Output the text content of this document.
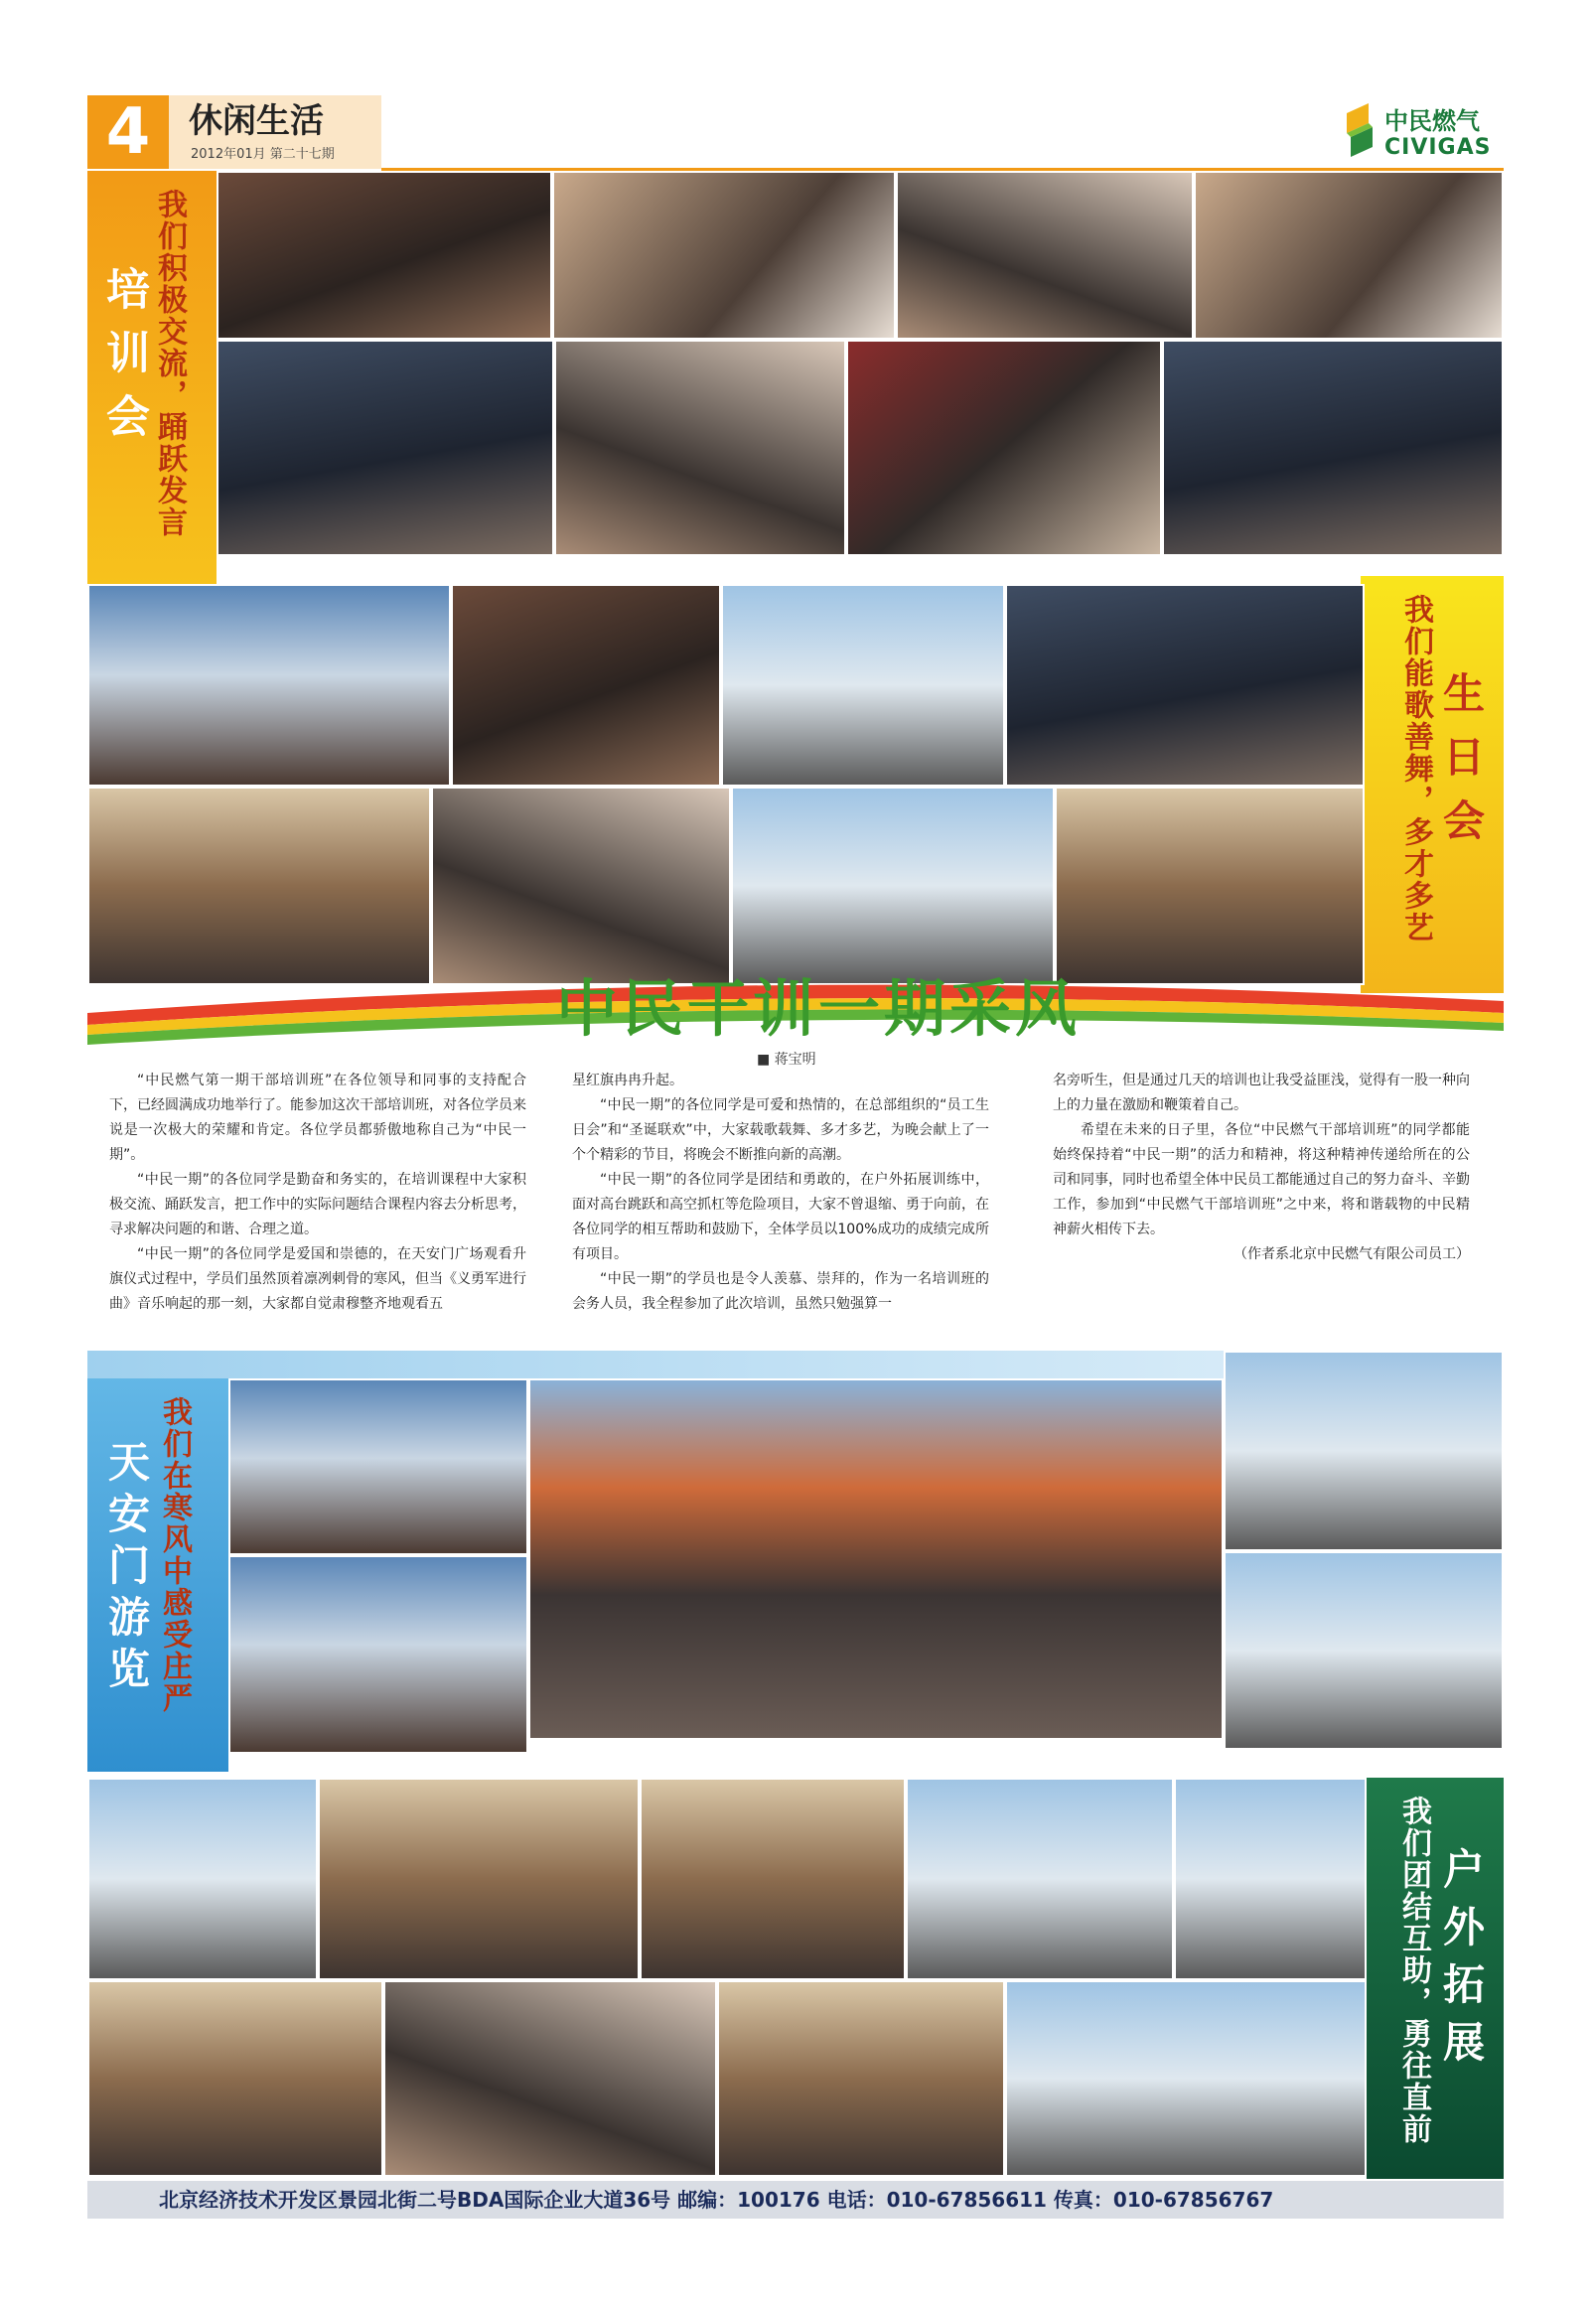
4	休闲生活
2012年01月 第二十七期
中民燃气
CIVIGAS
我们积极交流，踊跃发言
培训会
我们能歌善舞，多才多艺 生日会
中民干训一期采风
■ 蒋宝明

“中民燃气第一期干部培训班”在各位领导和同事的支持配合下，已经圆满成功地举行了。能参加这次干部培训班，对各位学员来说是一次极大的荣耀和肯定。各位学员都骄傲地称自己为“中民一期”。

“中民一期”的各位同学是勤奋和务实的，在培训课程中大家积极交流、踊跃发言，把工作中的实际问题结合课程内容去分析思考，寻求解决问题的和谐、合理之道。

“中民一期”的各位同学是爱国和崇德的，在天安门广场观看升旗仪式过程中，学员们虽然顶着凛冽刺骨的寒风，但当《义勇军进行曲》音乐响起的那一刻，大家都自觉肃穆整齐地观看五

星红旗冉冉升起。

“中民一期”的各位同学是可爱和热情的，在总部组织的“员工生日会”和“圣诞联欢”中，大家载歌载舞、多才多艺，为晚会献上了一个个精彩的节目，将晚会不断推向新的高潮。

“中民一期”的各位同学是团结和勇敢的，在户外拓展训练中，面对高台跳跃和高空抓杠等危险项目，大家不曾退缩、勇于向前，在各位同学的相互帮助和鼓励下，全体学员以100%成功的成绩完成所有项目。

“中民一期”的学员也是令人羡慕、崇拜的，作为一名培训班的会务人员，我全程参加了此次培训，虽然只勉强算一

名旁听生，但是通过几天的培训也让我受益匪浅，觉得有一股一种向上的力量在激励和鞭策着自己。

希望在未来的日子里，各位“中民燃气干部培训班”的同学都能始终保持着“中民一期”的活力和精神，将这种精神传递给所在的公司和同事，同时也希望全体中民员工都能通过自己的努力奋斗、辛勤工作，参加到“中民燃气干部培训班”之中来，将和谐载物的中民精神薪火相传下去。

（作者系北京中民燃气有限公司员工）

我们在寒风中感受庄严
天安门游览
我们团结互助，勇往直前 户外拓展
北京经济技术开发区景园北街二号BDA国际企业大道36号 邮编：100176 电话：010-67856611 传真：010-67856767
